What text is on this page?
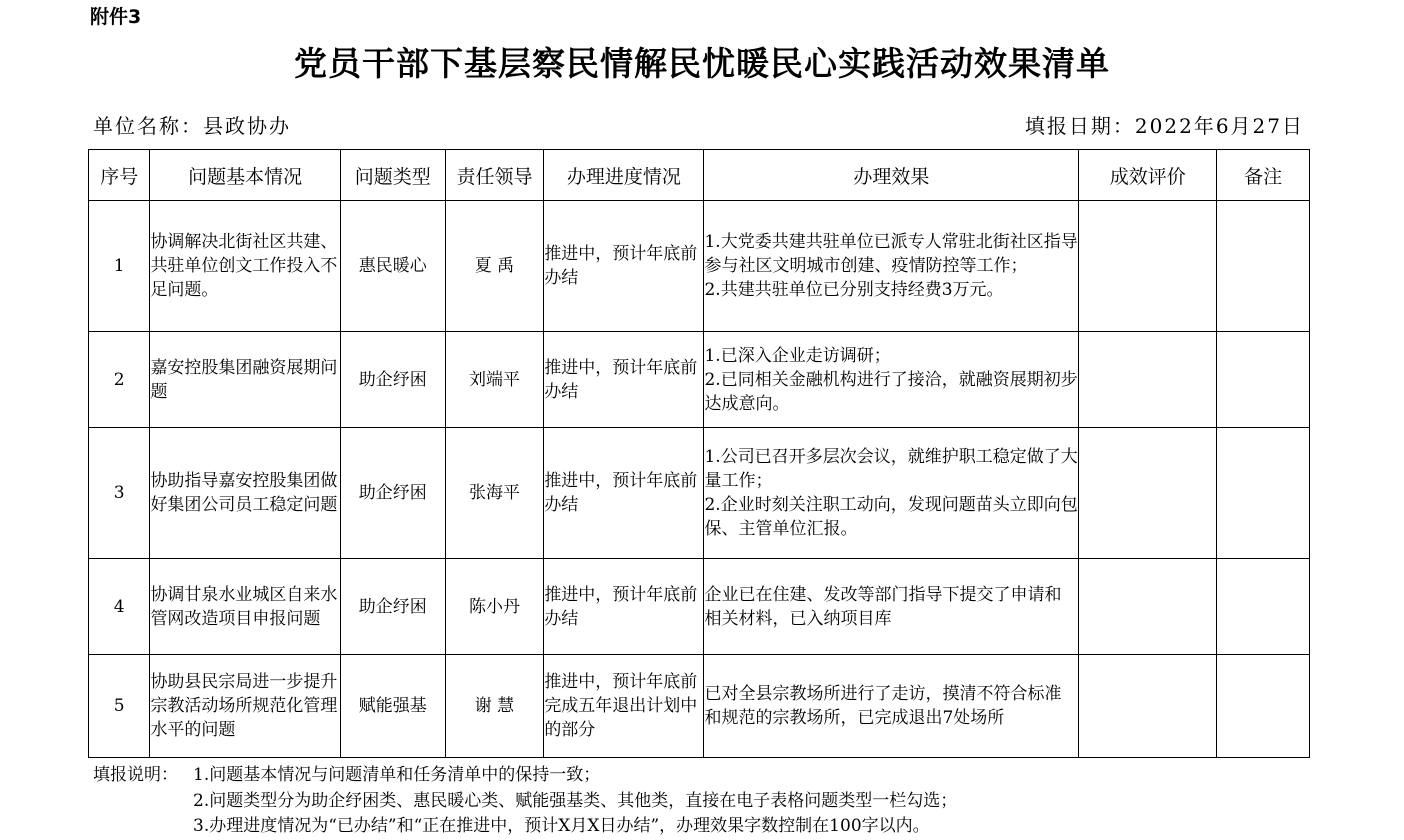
附件3
党员干部下基层察民情解民忧暖民心实践活动效果清单
单位名称：县政协办	填报日期：2022年6月27日
序号	问题基本情况	问题类型	责任领导	办理进度情况	办理效果	成效评价	备注
1	协调解决北街社区共建、共驻单位创文工作投入不足问题。	惠民暖心	夏 禹	推进中，预计年底前办结	1.大党委共建共驻单位已派专人常驻北街社区指导参与社区文明城市创建、疫情防控等工作；
2.共建共驻单位已分别支持经费3万元。		

2	嘉安控股集团融资展期问题	助企纾困	刘端平	推进中，预计年底前办结	1.已深入企业走访调研；
2.已同相关金融机构进行了接洽，就融资展期初步达成意向。		

3	协助指导嘉安控股集团做好集团公司员工稳定问题	助企纾困	张海平	推进中，预计年底前办结	1.公司已召开多层次会议，就维护职工稳定做了大量工作；
2.企业时刻关注职工动向，发现问题苗头立即向包保、主管单位汇报。		

4	协调甘泉水业城区自来水管网改造项目申报问题	助企纾困	陈小丹	推进中，预计年底前办结	企业已在住建、发改等部门指导下提交了申请和相关材料，已入纳项目库		

5	协助县民宗局进一步提升宗教活动场所规范化管理水平的问题	赋能强基	谢 慧	推进中，预计年底前完成五年退出计划中的部分	已对全县宗教场所进行了走访，摸清不符合标准和规范的宗教场所，已完成退出7处场所		

填报说明： 1.问题基本情况与问题清单和任务清单中的保持一致；
2.问题类型分为助企纾困类、惠民暖心类、赋能强基类、其他类，直接在电子表格问题类型一栏勾选；
3.办理进度情况为“已办结”和“正在推进中，预计X月X日办结”，办理效果字数控制在100字以内。
